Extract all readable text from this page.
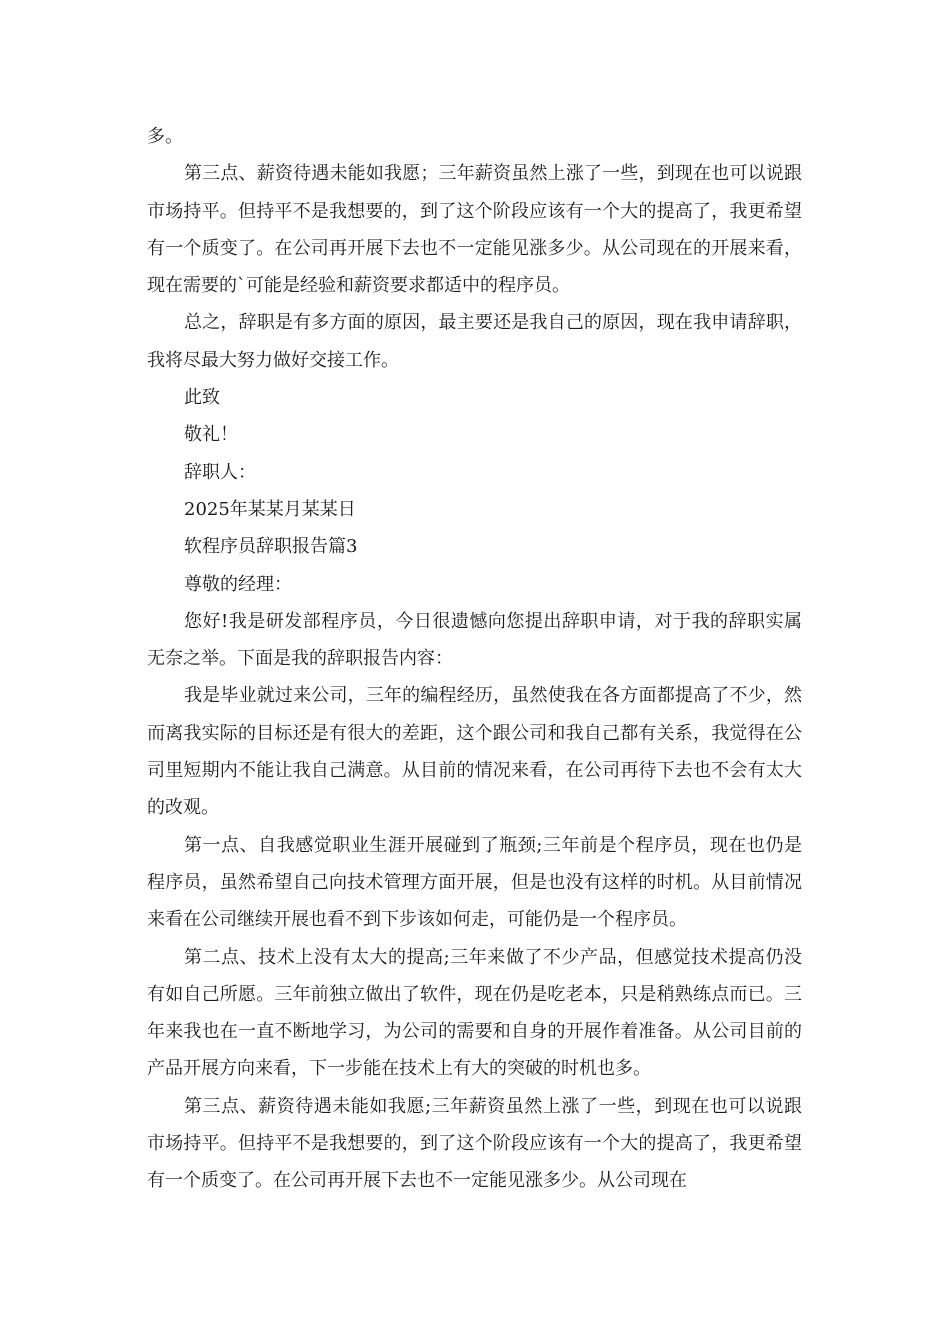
多。

第三点、薪资待遇未能如我愿；三年薪资虽然上涨了一些，到现在也可以说跟市场持平。但持平不是我想要的，到了这个阶段应该有一个大的提高了，我更希望有一个质变了。在公司再开展下去也不一定能见涨多少。从公司现在的开展来看，现在需要的`可能是经验和薪资要求都适中的程序员。

总之，辞职是有多方面的原因，最主要还是我自己的原因，现在我申请辞职，我将尽最大努力做好交接工作。

此致

敬礼！

辞职人：

2025年某某月某某日

软程序员辞职报告篇3

尊敬的经理：

您好!我是研发部程序员，今日很遗憾向您提出辞职申请，对于我的辞职实属无奈之举。下面是我的辞职报告内容：

我是毕业就过来公司，三年的编程经历，虽然使我在各方面都提高了不少，然而离我实际的目标还是有很大的差距，这个跟公司和我自己都有关系，我觉得在公司里短期内不能让我自己满意。从目前的情况来看，在公司再待下去也不会有太大的改观。

第一点、自我感觉职业生涯开展碰到了瓶颈;三年前是个程序员，现在也仍是程序员，虽然希望自己向技术管理方面开展，但是也没有这样的时机。从目前情况来看在公司继续开展也看不到下步该如何走，可能仍是一个程序员。

第二点、技术上没有太大的提高;三年来做了不少产品，但感觉技术提高仍没有如自己所愿。三年前独立做出了软件，现在仍是吃老本，只是稍熟练点而已。三年来我也在一直不断地学习，为公司的需要和自身的开展作着准备。从公司目前的产品开展方向来看，下一步能在技术上有大的突破的时机也多。

第三点、薪资待遇未能如我愿;三年薪资虽然上涨了一些，到现在也可以说跟市场持平。但持平不是我想要的，到了这个阶段应该有一个大的提高了，我更希望有一个质变了。在公司再开展下去也不一定能见涨多少。从公司现在
